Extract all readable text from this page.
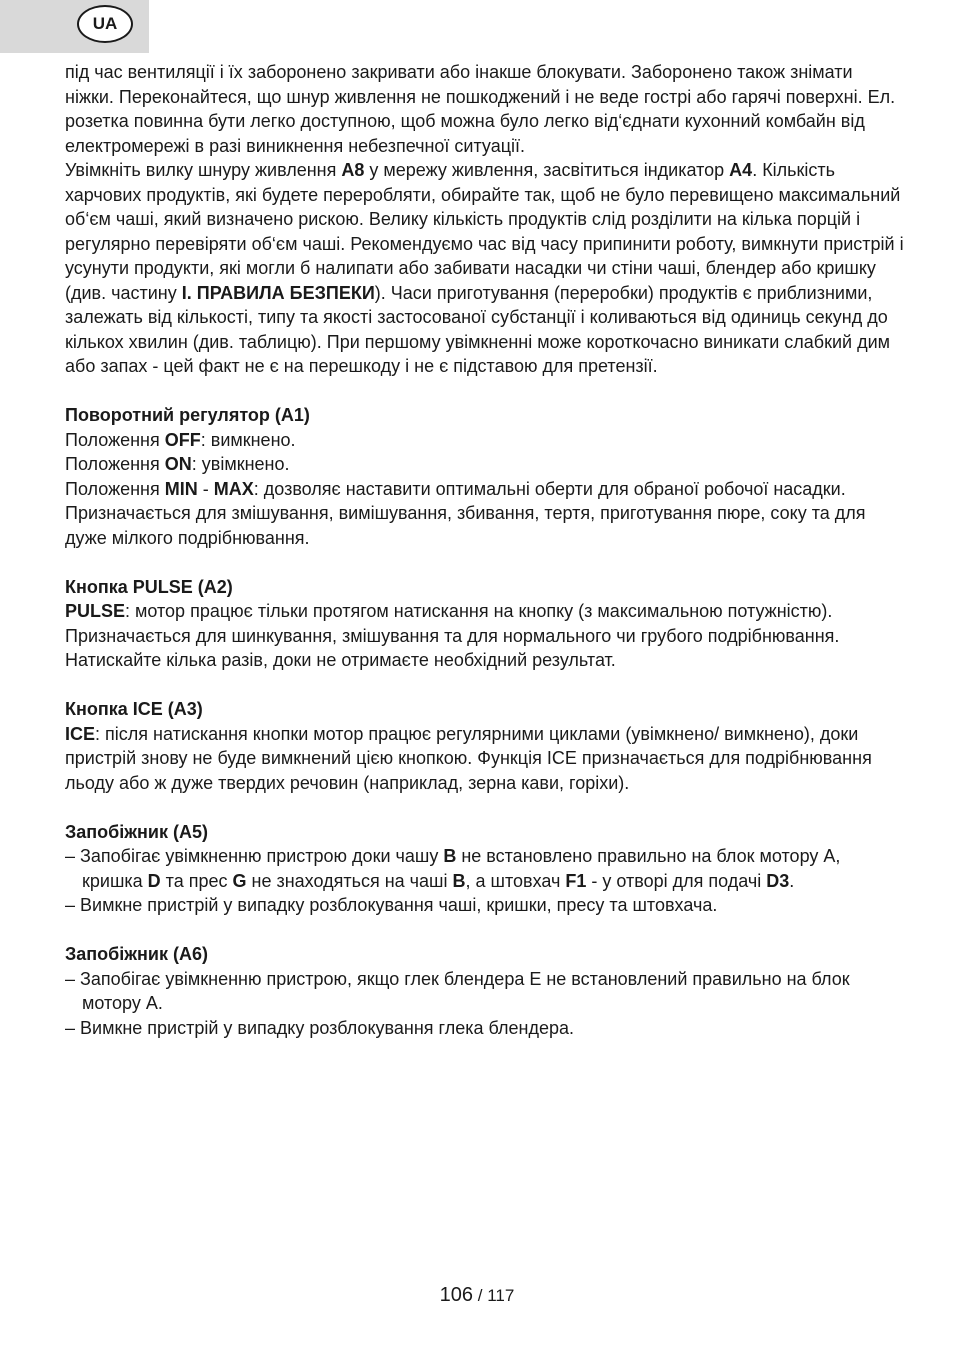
UA

під час вентиляції і їх заборонено закривати або інакше блокувати. Заборонено також знімати ніжки. Переконайтеся, що шнур живлення не пошкоджений і не веде гострі або гарячі поверхні. Ел. розетка повинна бути легко доступною, щоб можна було легко від‘єднати кухонний комбайн від електромережі в разі виникнення небезпечної ситуації.

Увімкніть вилку шнуру живлення A8 у мережу живлення, засвітиться індикатор A4. Кількість харчових продуктів, які будете переробляти, обирайте так, щоб не було перевищено максимальний об‘єм чаші, який визначено рискою. Велику кількість продуктів слід розділити на кілька порцій і регулярно перевіряти об‘єм чаші. Рекомендуємо час від часу припинити роботу, вимкнути пристрій і усунути продукти, які могли б налипати або забивати насадки чи стіни чаші, блендер або кришку (див. частину I. ПРАВИЛА БЕЗПЕКИ). Часи приготування (переробки) продуктів є приблизними, залежать від кількості, типу та якості застосованої субстанції і коливаються від одиниць секунд до кількох хвилин (див. таблицю). При першому увімкненні може короткочасно виникати слабкий дим або запах - цей факт не є на перешкоду і не є підставою для претензії.

Поворотний регулятор (A1)

Положення OFF: вимкнено.

Положення ON: увімкнено.

Положення MIN - MAX: дозволяє наставити оптимальні оберти для обраної робочої насадки.

Призначається для змішування, вимішування, збивання, тертя, приготування пюре, соку та для дуже мілкого подрібнювання.

Кнопка PULSE (A2)

PULSE: мотор працює тільки протягом натискання на кнопку (з максимальною потужністю).

Призначається для шинкування, змішування та для нормального чи грубого подрібнювання. Натискайте кілька разів, доки не отримаєте необхідний результат.

Кнопка ICE (A3)

ICE: після натискання кнопки мотор працює регулярними циклами (увімкнено/ вимкнено), доки пристрій знову не буде вимкнений цією кнопкою. Функція ICE призначається для подрібнювання льоду або ж дуже твердих речовин (наприклад, зерна кави, горіхи).

Запобіжник (A5)

– Запобігає увімкненню пристрою доки чашу B не встановлено правильно на блок мотору A, кришка D та прес G не знаходяться на чаші B, а штовхач F1 - у отворі для подачі D3.

– Вимкне пристрій у випадку розблокування чаші, кришки, пресу та штовхача.

Запобіжник (A6)

– Запобігає увімкненню пристрою, якщо глек блендера E не встановлений правильно на блок мотору A.

– Вимкне пристрій у випадку розблокування глека блендера.

106 / 117
